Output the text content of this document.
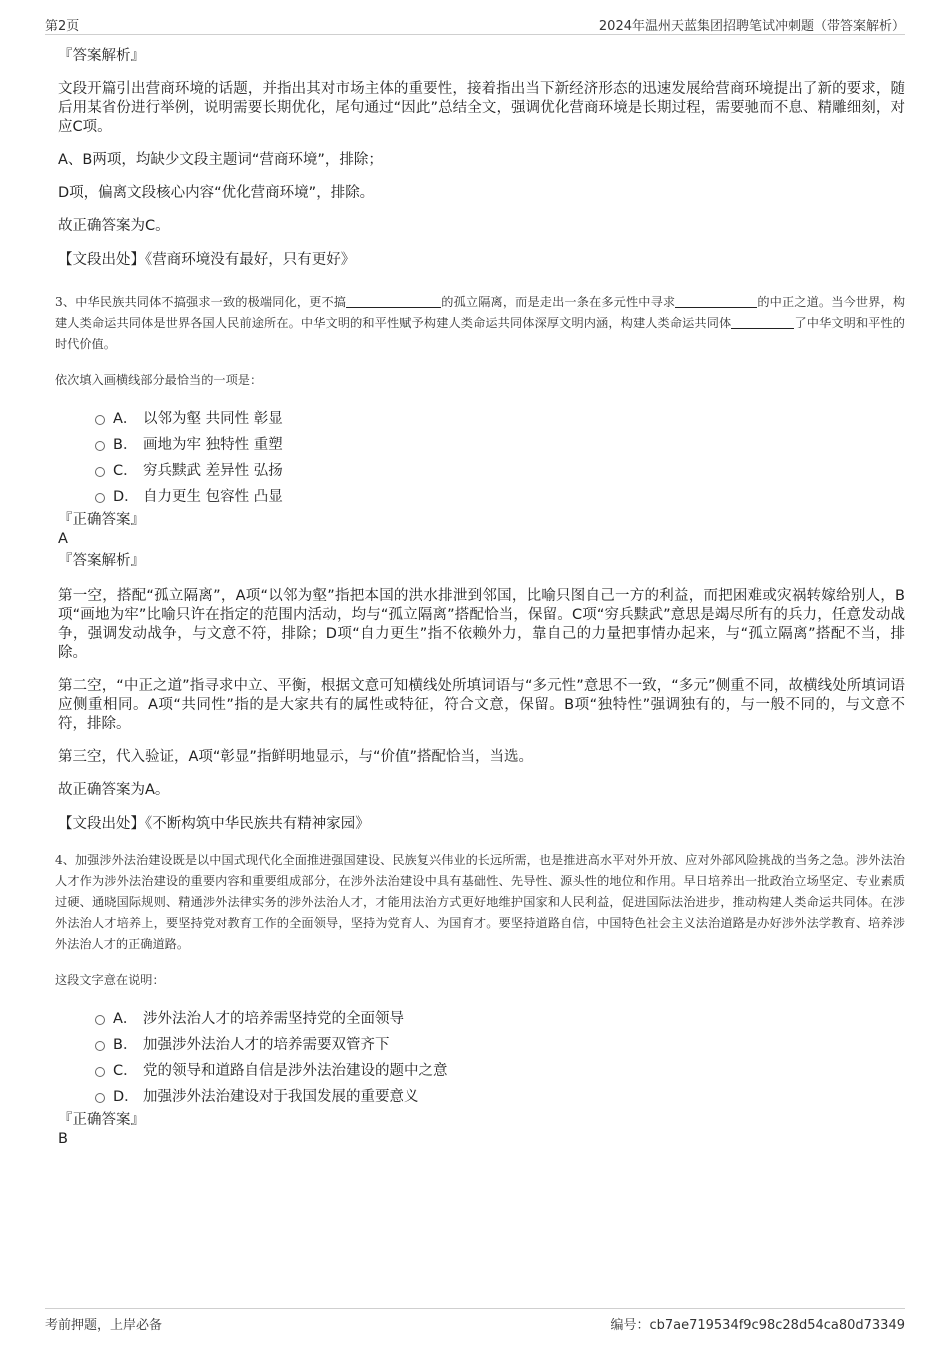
第2页	2024年温州天蓝集团招聘笔试冲刺题（带答案解析）
『答案解析』
文段开篇引出营商环境的话题，并指出其对市场主体的重要性，接着指出当下新经济形态的迅速发展给营商环境提出了新的要求，随后用某省份进行举例，说明需要长期优化，尾句通过“因此”总结全文，强调优化营商环境是长期过程，需要驰而不息、精雕细刻，对应C项。
A、B两项，均缺少文段主题词“营商环境”，排除；
D项，偏离文段核心内容“优化营商环境”，排除。
故正确答案为C。
【文段出处】《营商环境没有最好，只有更好》
3、中华民族共同体不搞强求一致的极端同化，更不搞	的孤立隔离，而是走出一条在多元性中寻求	的中正之道。当今世界，构建人类命运共同体是世界各国人民前途所在。中华文明的和平性赋予构建人类命运共同体深厚文明内涵，构建人类命运共同体	了中华文明和平性的时代价值。
依次填入画横线部分最恰当的一项是：
A． 以邻为壑 共同性 彰显
B． 画地为牢 独特性 重塑
C． 穷兵黩武 差异性 弘扬
D． 自力更生 包容性 凸显
『正确答案』
A
『答案解析』
第一空，搭配“孤立隔离”，A项“以邻为壑”指把本国的洪水排泄到邻国，比喻只图自己一方的利益，而把困难或灾祸转嫁给别人，B项“画地为牢”比喻只许在指定的范围内活动，均与“孤立隔离”搭配恰当，保留。C项“穷兵黩武”意思是竭尽所有的兵力，任意发动战争，强调发动战争，与文意不符，排除；D项“自力更生”指不依赖外力，靠自己的力量把事情办起来，与“孤立隔离”搭配不当，排除。
第二空，“中正之道”指寻求中立、平衡，根据文意可知横线处所填词语与“多元性”意思不一致，“多元”侧重不同，故横线处所填词语应侧重相同。A项“共同性”指的是大家共有的属性或特征，符合文意，保留。B项“独特性”强调独有的，与一般不同的，与文意不符，排除。
第三空，代入验证，A项“彰显”指鲜明地显示，与“价值”搭配恰当，当选。
故正确答案为A。
【文段出处】《不断构筑中华民族共有精神家园》
4、加强涉外法治建设既是以中国式现代化全面推进强国建设、民族复兴伟业的长远所需，也是推进高水平对外开放、应对外部风险挑战的当务之急。涉外法治人才作为涉外法治建设的重要内容和重要组成部分，在涉外法治建设中具有基础性、先导性、源头性的地位和作用。早日培养出一批政治立场坚定、专业素质过硬、通晓国际规则、精通涉外法律实务的涉外法治人才，才能用法治方式更好地维护国家和人民利益，促进国际法治进步，推动构建人类命运共同体。在涉外法治人才培养上，要坚持党对教育工作的全面领导，坚持为党育人、为国育才。要坚持道路自信，中国特色社会主义法治道路是办好涉外法学教育、培养涉外法治人才的正确道路。
这段文字意在说明：
A． 涉外法治人才的培养需坚持党的全面领导
B． 加强涉外法治人才的培养需要双管齐下
C． 党的领导和道路自信是涉外法治建设的题中之意
D． 加强涉外法治建设对于我国发展的重要意义
『正确答案』
B
考前押题，上岸必备	编号：cb7ae719534f9c98c28d54ca80d73349
